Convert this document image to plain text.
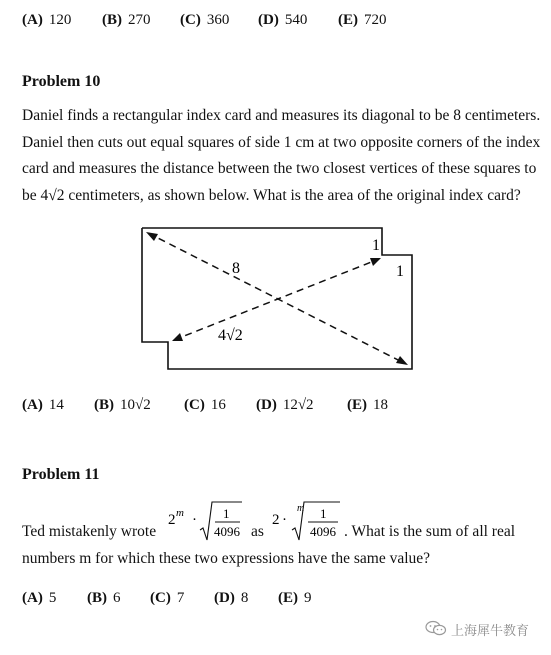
(A) 120 (B) 270 (C) 360 (D) 540 (E) 720
Problem 10
Daniel finds a rectangular index card and measures its diagonal to be 8 centimeters.
Daniel then cuts out equal squares of side 1 cm at two opposite corners of the index
card and measures the distance between the two closest vertices of these squares to
be 4√2 centimeters, as shown below. What is the area of the original index card?
8
4√2
1
1
(A) 14 (B) 10√2 (C) 16 (D) 12√2 (E) 18
Problem 11
Ted mistakenly wrote
2 m · 1
4096 as
2 ·
m 1
4096 . What is the sum of all real
numbers m for which these two expressions have the same value?
(A) 5 (B) 6 (C) 7 (D) 8 (E) 9
上海犀牛教育
